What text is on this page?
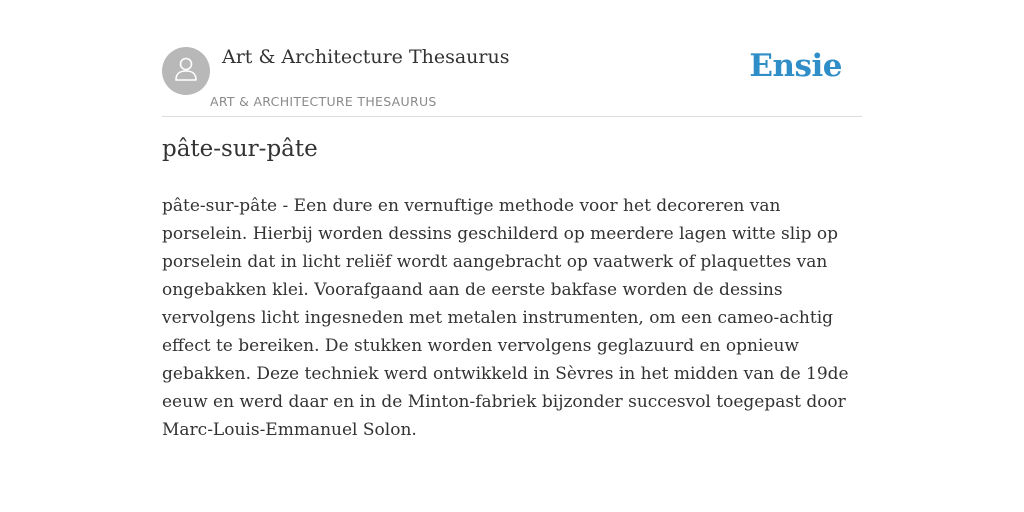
Art & Architecture Thesaurus
ART & ARCHITECTURE THESAURUS
Ensie
pâte-sur-pâte

pâte-sur-pâte - Een dure en vernuftige methode voor het decoreren van porselein. Hierbij worden dessins geschilderd op meerdere lagen witte slip op porselein dat in licht reliëf wordt aangebracht op vaatwerk of plaquettes van ongebakken klei. Voorafgaand aan de eerste bakfase worden de dessins vervolgens licht ingesneden met metalen instrumenten, om een cameo-achtig effect te bereiken. De stukken worden vervolgens geglazuurd en opnieuw gebakken. Deze techniek werd ontwikkeld in Sèvres in het midden van de 19de eeuw en werd daar en in de Minton-fabriek bijzonder succesvol toegepast door Marc-Louis-Emmanuel Solon.
